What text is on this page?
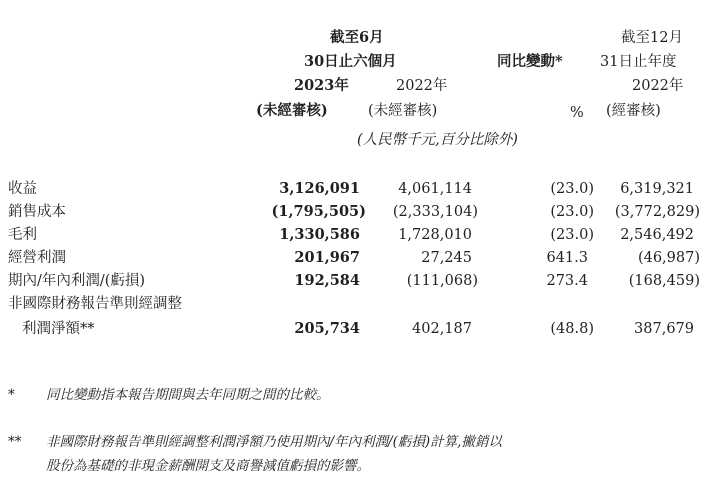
截至6月
30日止六個月
2023年
(未經審核)
2022年
(未經審核)
同比變動*
%
截至12月
31日止年度
2022年
(經審核)
(人民幣千元,百分比除外)
收益
銷售成本
毛利
經營利潤
期內/年內利潤/(虧損)
非國際財務報告準則經調整
利潤淨額**
3,126,091
(1,795,505)
1,330,586
201,967
192,584
205,734
4,061,114
(2,333,104)
1,728,010
27,245
(111,068)
402,187
(23.0)
(23.0)
(23.0)
641.3
273.4
(48.8)
6,319,321
(3,772,829)
2,546,492
(46,987)
(168,459)
387,679
* 同比變動指本報告期間與去年同期之間的比較。
** 非國際財務報告準則經調整利潤淨額乃使用期內/年內利潤/(虧損)計算,撇銷以
股份為基礎的非現金薪酬開支及商譽減值虧損的影響。
